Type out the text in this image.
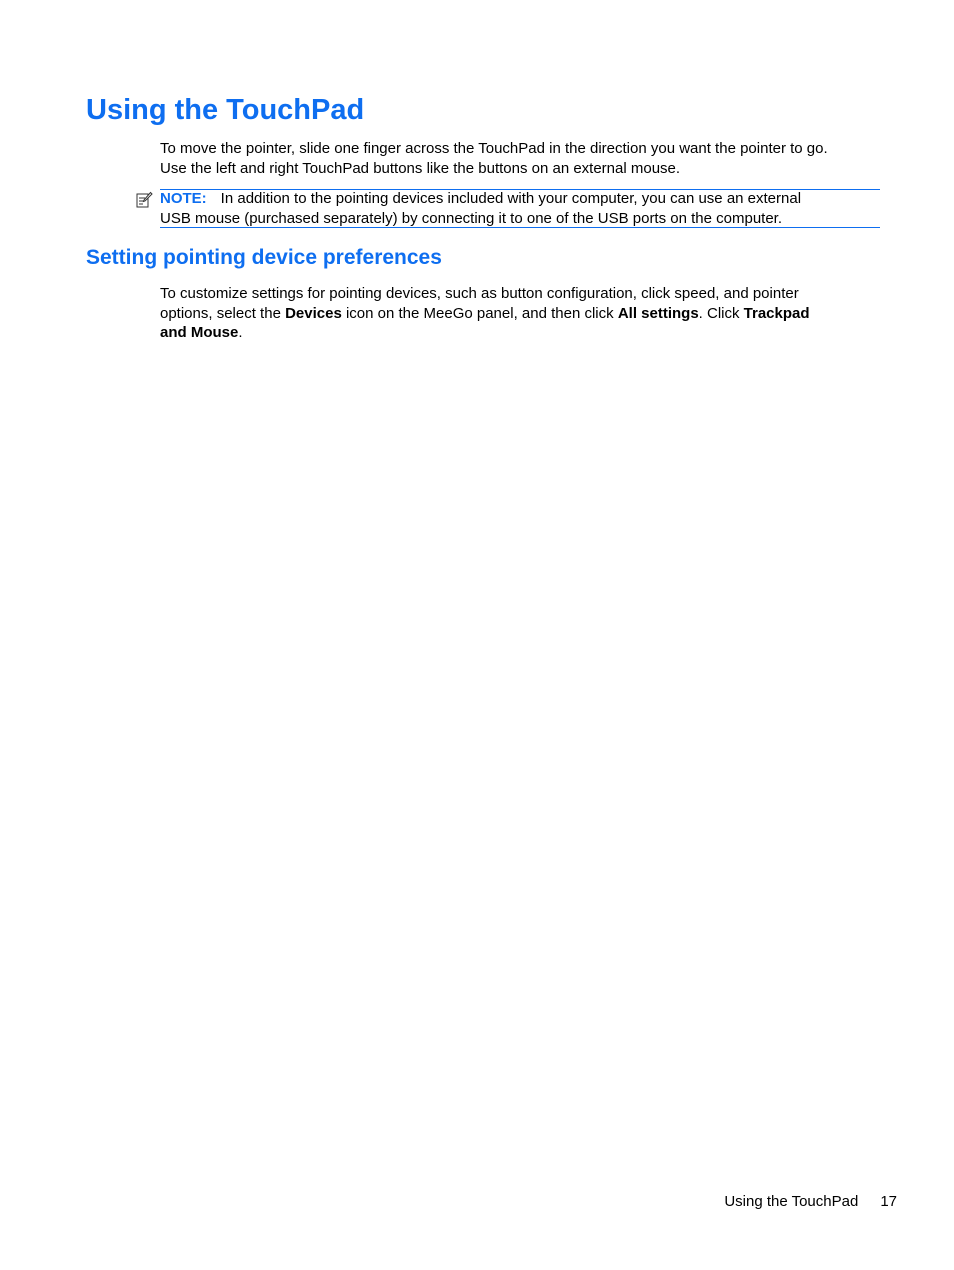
Using the TouchPad
To move the pointer, slide one finger across the TouchPad in the direction you want the pointer to go.
Use the left and right TouchPad buttons like the buttons on an external mouse.
NOTE: In addition to the pointing devices included with your computer, you can use an external
USB mouse (purchased separately) by connecting it to one of the USB ports on the computer.
Setting pointing device preferences
To customize settings for pointing devices, such as button configuration, click speed, and pointer
options, select the Devices icon on the MeeGo panel, and then click All settings. Click Trackpad
and Mouse.
Using the TouchPad 17
